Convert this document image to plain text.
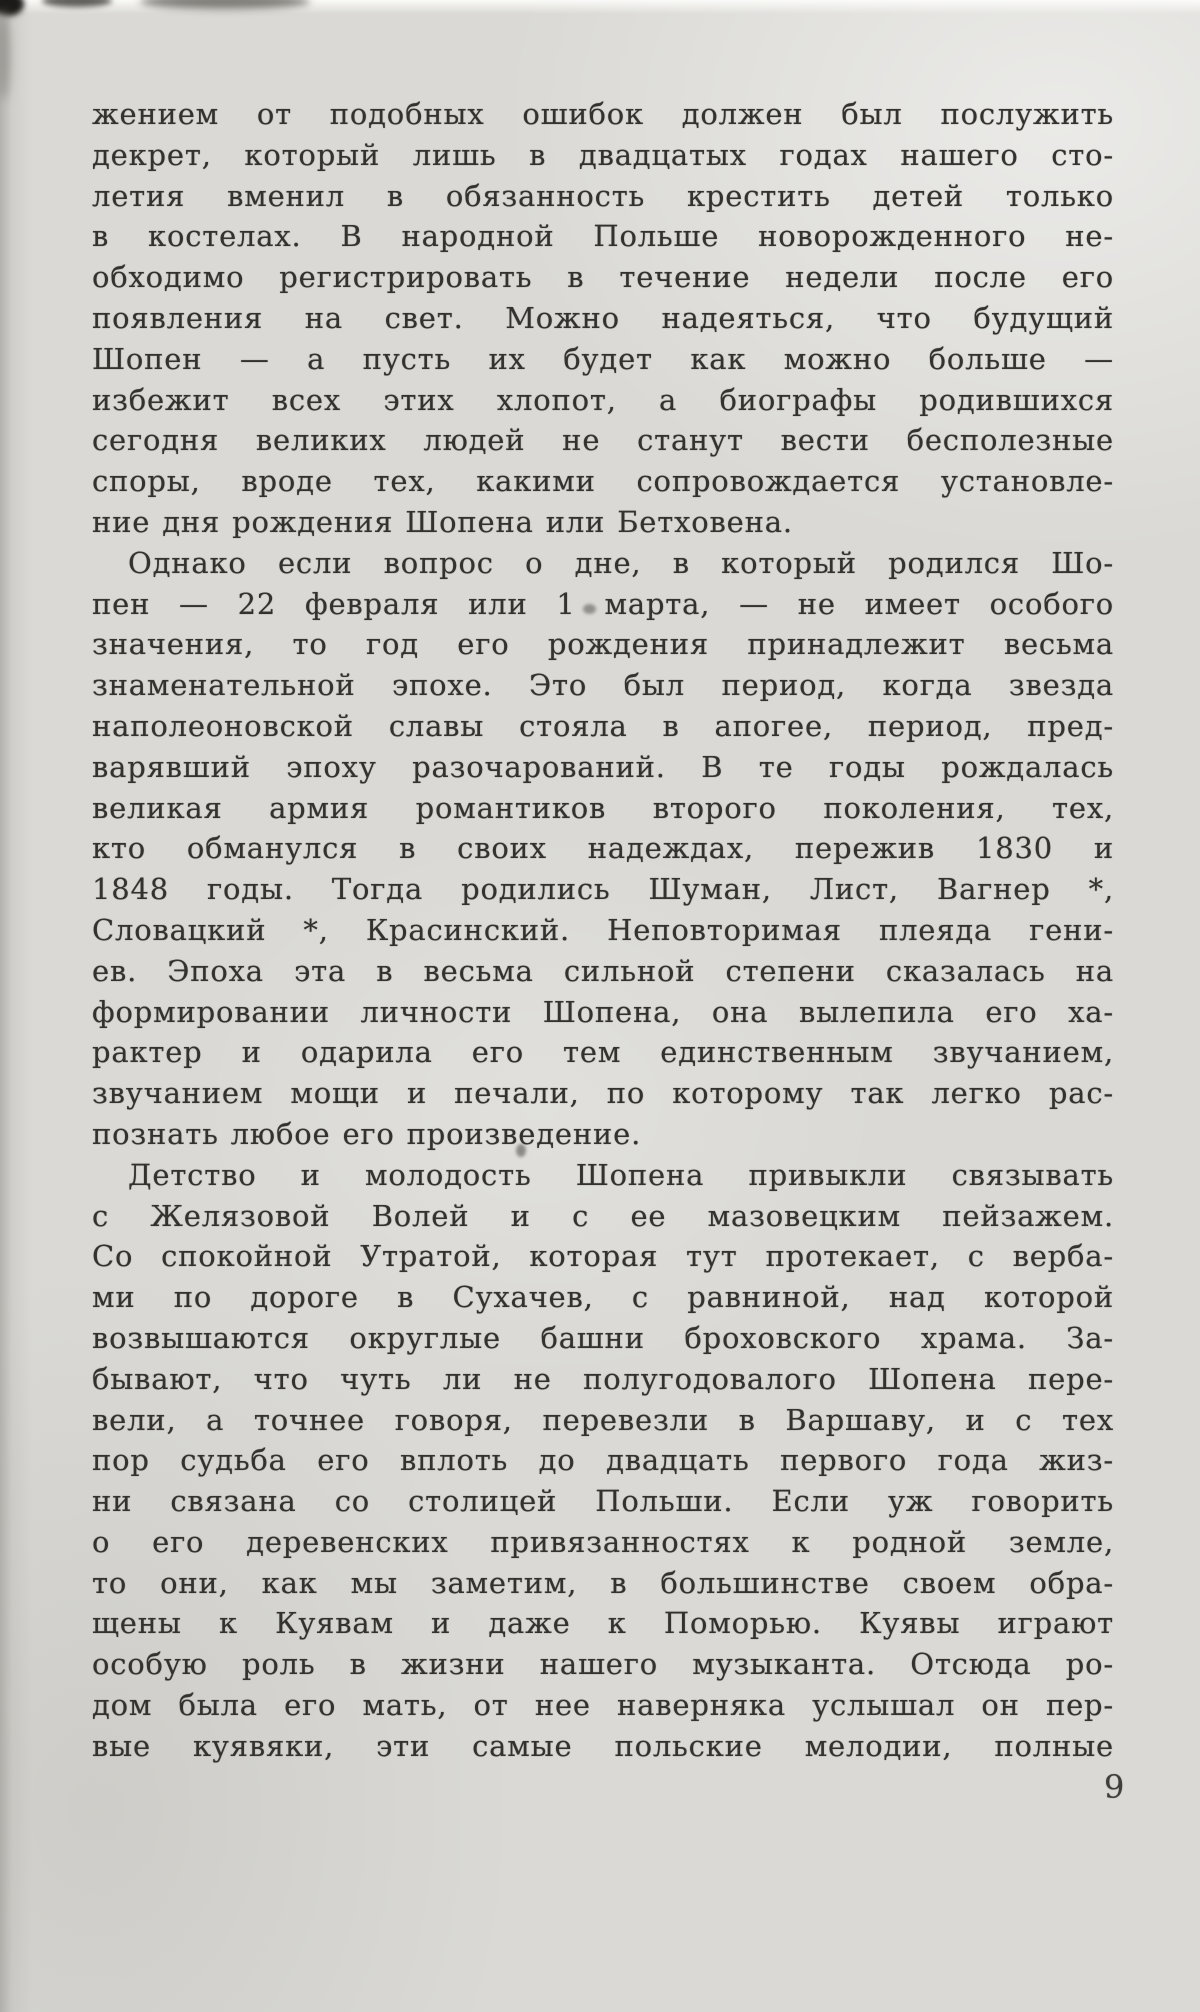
жением от подобных ошибок должен был послужить
декрет, который лишь в двадцатых годах нашего сто-
летия вменил в обязанность крестить детей только
в костелах. В народной Польше новорожденного не-
обходимо регистрировать в течение недели после его
появления на свет. Можно надеяться, что будущий
Шопен — а пусть их будет как можно больше —
избежит всех этих хлопот, а биографы родившихся
сегодня великих людей не станут вести бесполезные
споры, вроде тех, какими сопровождается установле-
ние дня рождения Шопена или Бетховена.
Однако если вопрос о дне, в который родился Шо-
пен — 22 февраля или 1 марта, — не имеет особого
значения, то год его рождения принадлежит весьма
знаменательной эпохе. Это был период, когда звезда
наполеоновской славы стояла в апогее, период, пред-
варявший эпоху разочарований. В те годы рождалась
великая армия романтиков второго поколения, тех,
кто обманулся в своих надеждах, пережив 1830 и
1848 годы. Тогда родились Шуман, Лист, Вагнер *,
Словацкий *, Красинский. Неповторимая плеяда гени-
ев. Эпоха эта в весьма сильной степени сказалась на
формировании личности Шопена, она вылепила его ха-
рактер и одарила его тем единственным звучанием,
звучанием мощи и печали, по которому так легко рас-
познать любое его произведение.
Детство и молодость Шопена привыкли связывать
с Желязовой Волей и с ее мазовецким пейзажем.
Со спокойной Утратой, которая тут протекает, с верба-
ми по дороге в Сухачев, с равниной, над которой
возвышаются округлые башни броховского храма. За-
бывают, что чуть ли не полугодовалого Шопена пере-
вели, а точнее говоря, перевезли в Варшаву, и с тех
пор судьба его вплоть до двадцать первого года жиз-
ни связана со столицей Польши. Если уж говорить
о его деревенских привязанностях к родной земле,
то они, как мы заметим, в большинстве своем обра-
щены к Куявам и даже к Поморью. Куявы играют
особую роль в жизни нашего музыканта. Отсюда ро-
дом была его мать, от нее наверняка услышал он пер-
вые куявяки, эти самые польские мелодии, полные
9
